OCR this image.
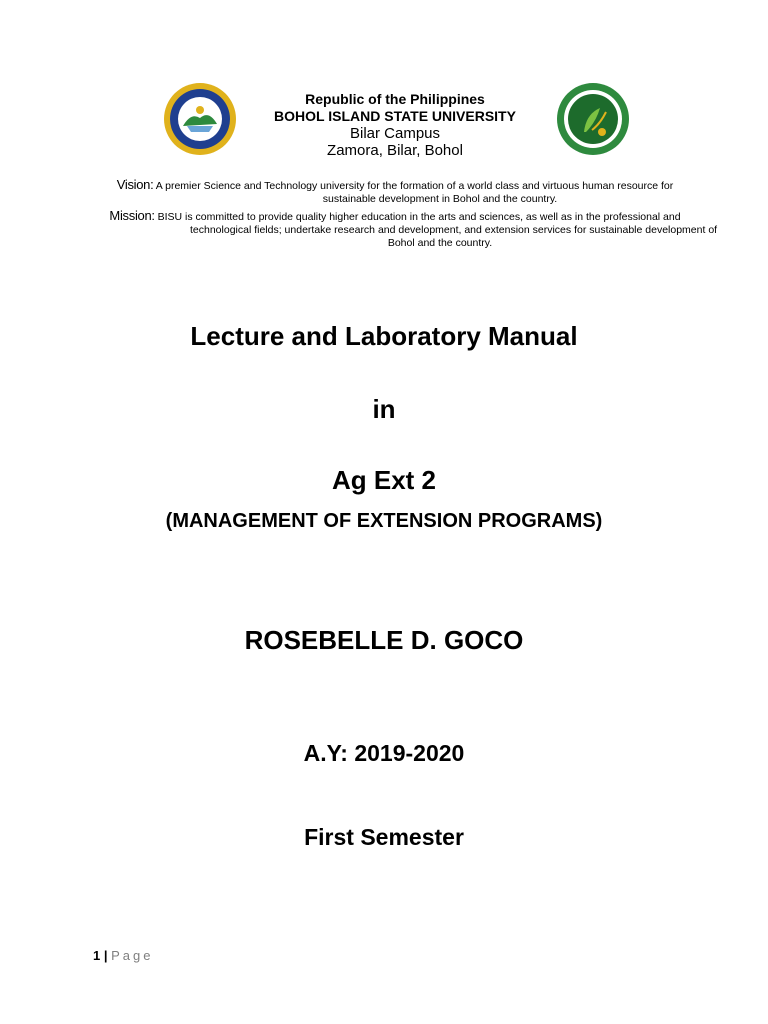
Republic of the Philippines
BOHOL ISLAND STATE UNIVERSITY
Bilar Campus
Zamora, Bilar, Bohol
Vision: A premier Science and Technology university for the formation of a world class and virtuous human resource for
sustainable development in Bohol and the country.
Mission: BISU is committed to provide quality higher education in the arts and sciences, as well as in the professional and
technological fields; undertake research and development, and extension services for sustainable development of
Bohol and the country.
Lecture and Laboratory Manual
in
Ag Ext 2
(MANAGEMENT OF EXTENSION PROGRAMS)
ROSEBELLE D. GOCO
A.Y: 2019-2020
First Semester
1 | Page
